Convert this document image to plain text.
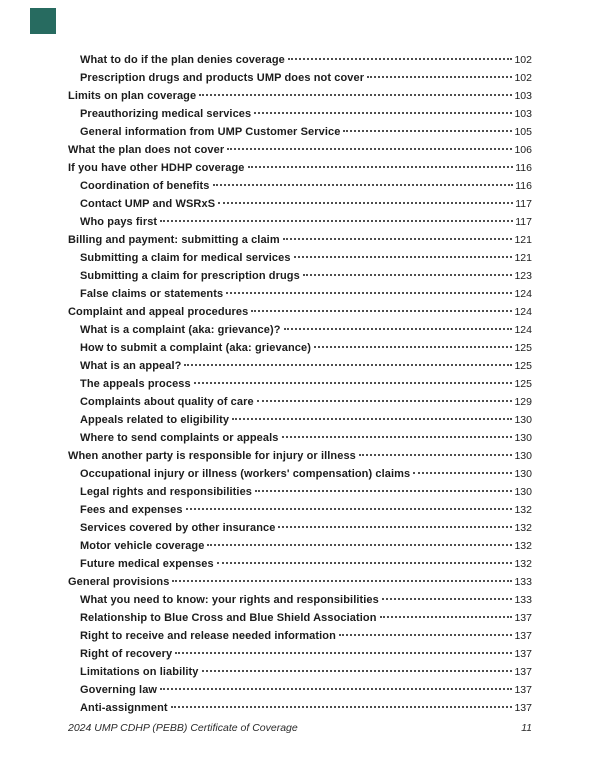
What to do if the plan denies coverage	102
Prescription drugs and products UMP does not cover	102
Limits on plan coverage	103
Preauthorizing medical services	103
General information from UMP Customer Service	105
What the plan does not cover	106
If you have other HDHP coverage	116
Coordination of benefits	116
Contact UMP and WSRxS	117
Who pays first	117
Billing and payment: submitting a claim	121
Submitting a claim for medical services	121
Submitting a claim for prescription drugs	123
False claims or statements	124
Complaint and appeal procedures	124
What is a complaint (aka: grievance)?	124
How to submit a complaint (aka: grievance)	125
What is an appeal?	125
The appeals process	125
Complaints about quality of care	129
Appeals related to eligibility	130
Where to send complaints or appeals	130
When another party is responsible for injury or illness	130
Occupational injury or illness (workers' compensation) claims	130
Legal rights and responsibilities	130
Fees and expenses	132
Services covered by other insurance	132
Motor vehicle coverage	132
Future medical expenses	132
General provisions	133
What you need to know: your rights and responsibilities	133
Relationship to Blue Cross and Blue Shield Association	137
Right to receive and release needed information	137
Right of recovery	137
Limitations on liability	137
Governing law	137
Anti-assignment	137
2024 UMP CDHP (PEBB) Certificate of Coverage	11
